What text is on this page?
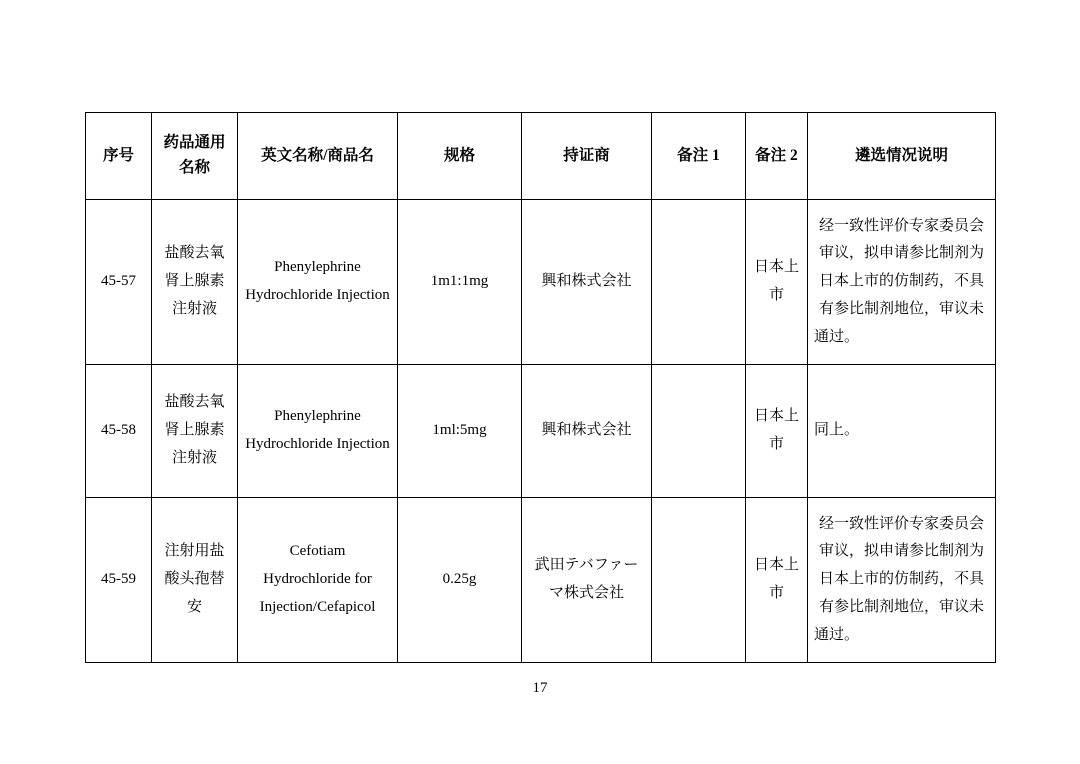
序号	药品通用名称	英文名称/商品名	规格	持证商	备注 1	备注 2	遴选情况说明
45-57	盐酸去氧肾上腺素注射液	Phenylephrine Hydrochloride Injection	1m1:1mg	興和株式会社		日本上市	经一致性评价专家委员会审议，拟申请参比制剂为日本上市的仿制药，不具有参比制剂地位，审议未通过。
45-58	盐酸去氧肾上腺素注射液	Phenylephrine Hydrochloride Injection	1ml:5mg	興和株式会社		日本上市	同上。
45-59	注射用盐酸头孢替安	Cefotiam Hydrochloride for Injection/Cefapicol	0.25g	武田テバファーマ株式会社		日本上市	经一致性评价专家委员会审议，拟申请参比制剂为日本上市的仿制药，不具有参比制剂地位，审议未通过。
17
